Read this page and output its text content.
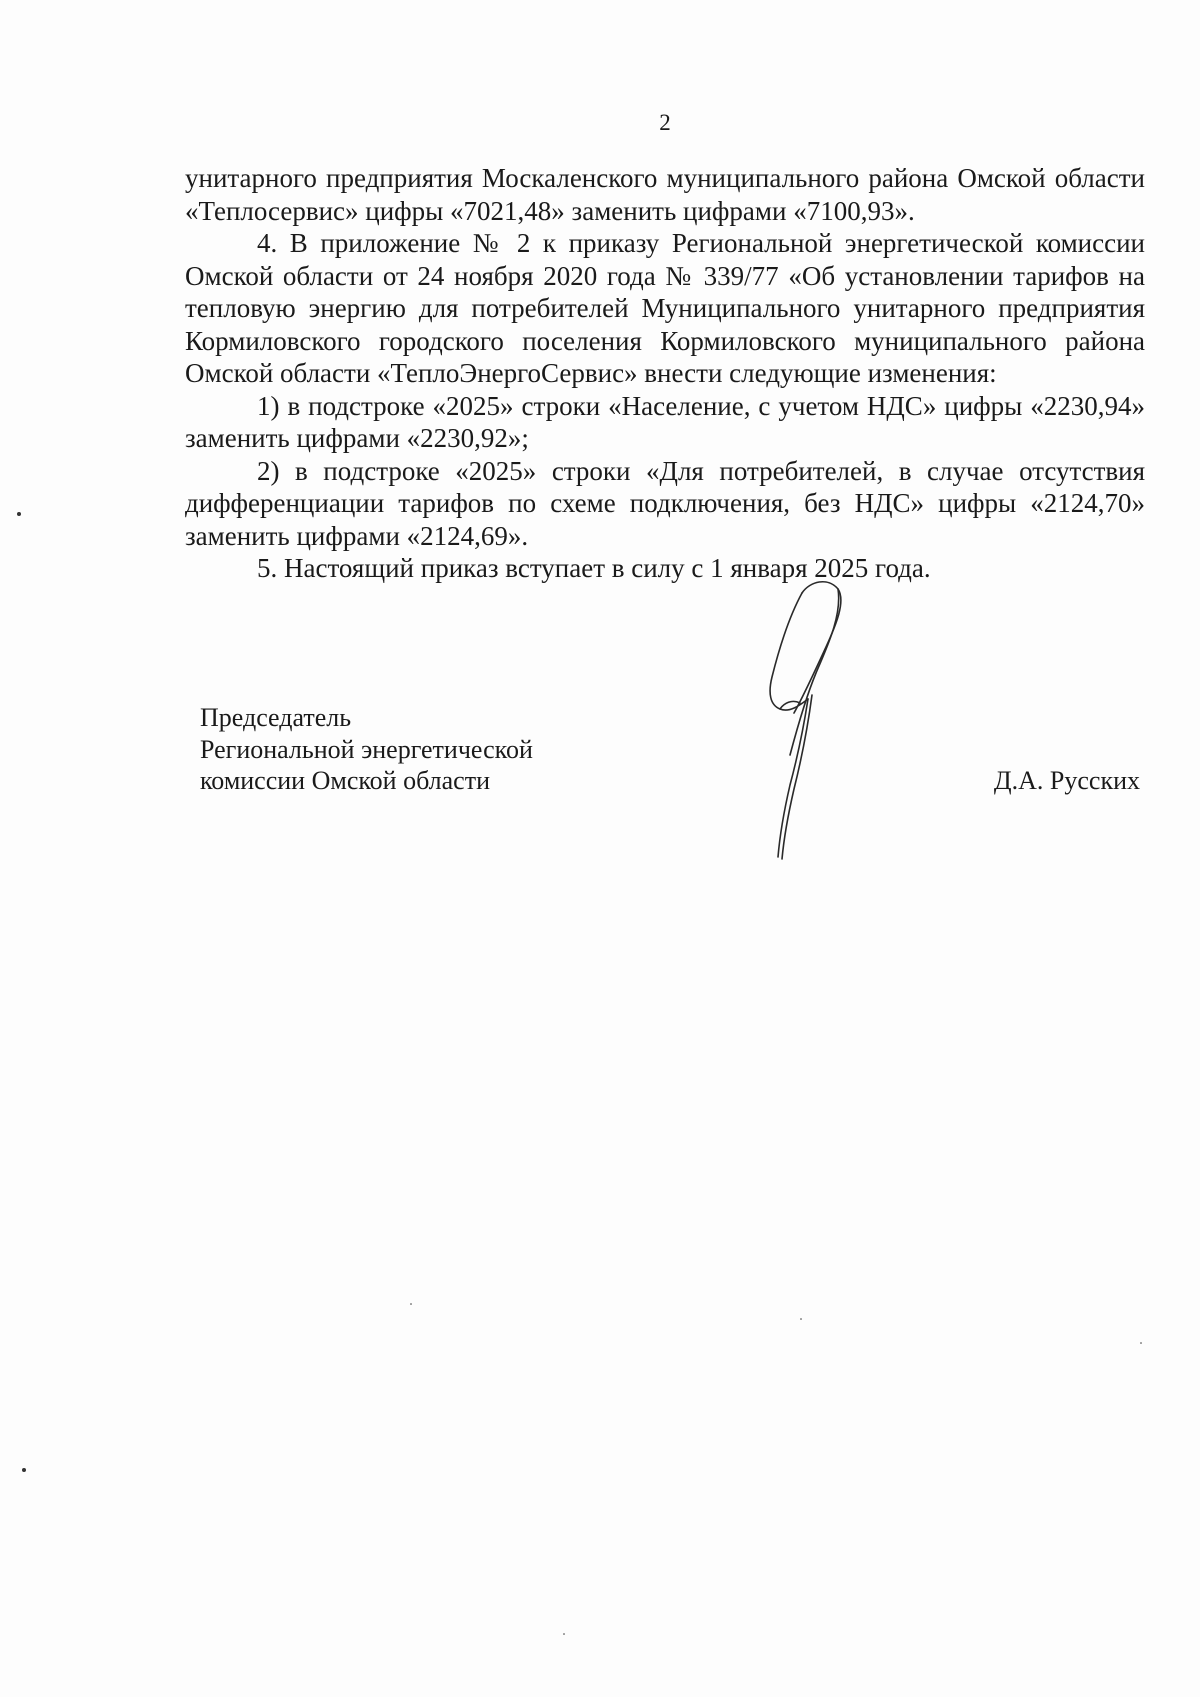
2

унитарного предприятия Москаленского муниципального района Омской области «Теплосервис» цифры «7021,48» заменить цифрами «7100,93».

4. В приложение № 2 к приказу Региональной энергетической комиссии Омской области от 24 ноября 2020 года № 339/77 «Об установлении тарифов на тепловую энергию для потребителей Муниципального унитарного предприятия Кормиловского городского поселения Кормиловского муниципального района Омской области «ТеплоЭнергоСервис» внести следующие изменения:

1) в подстроке «2025» строки «Население, с учетом НДС» цифры «2230,94» заменить цифрами «2230,92»;

2) в подстроке «2025» строки «Для потребителей, в случае отсутствия дифференциации тарифов по схеме подключения, без НДС» цифры «2124,70» заменить цифрами «2124,69».

5. Настоящий приказ вступает в силу с 1 января 2025 года.

Председатель
Региональной энергетической
комиссии Омской области	Д.А. Русских
